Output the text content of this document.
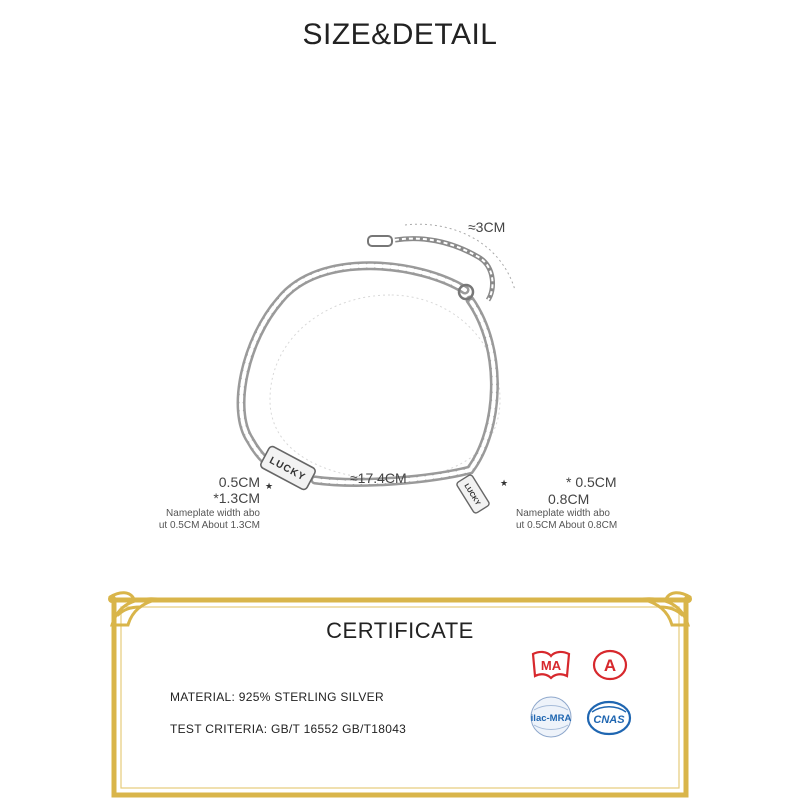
SIZE&DETAIL
LUCKY
LUCKY
≈3CM
≈17.4CM
★	★
0.5CM
*1.3CM
Nameplate width abo
ut 0.5CM About 1.3CM
* 0.5CM
0.8CM
Nameplate width abo
ut 0.5CM About 0.8CM
CERTIFICATE
MATERIAL: 925% STERLING SILVER
TEST CRITERIA: GB/T 16552 GB/T18043
MA	A
ilac-MRA CNAS
